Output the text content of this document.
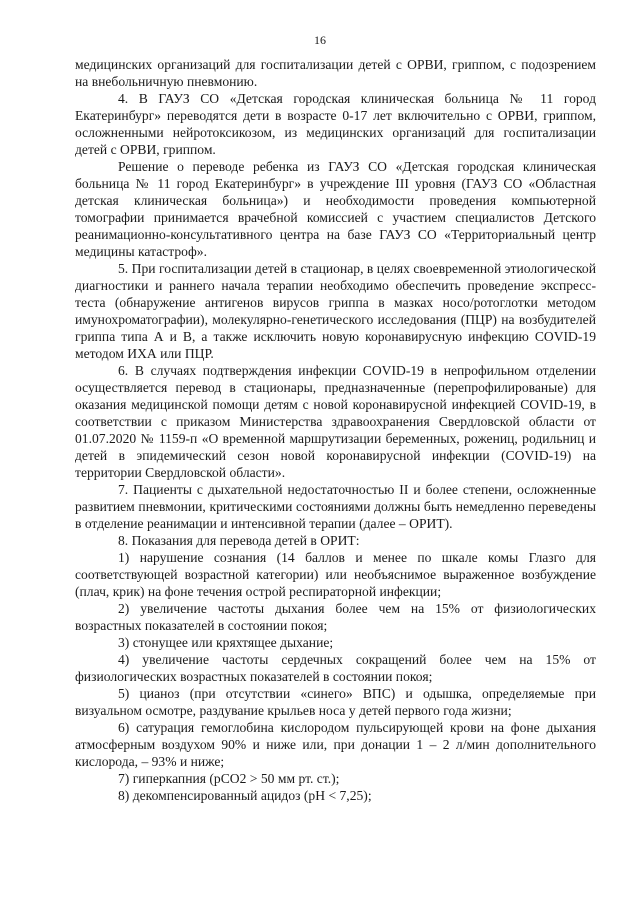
16

медицинских организаций для госпитализации детей с ОРВИ, гриппом, с подозрением на внебольничную пневмонию.

4. В ГАУЗ СО «Детская городская клиническая больница № 11 город Екатеринбург» переводятся дети в возрасте 0-17 лет включительно с ОРВИ, гриппом, осложненными нейротоксикозом, из медицинских организаций для госпитализации детей с ОРВИ, гриппом.

Решение о переводе ребенка из ГАУЗ СО «Детская городская клиническая больница № 11 город Екатеринбург» в учреждение III уровня (ГАУЗ СО «Областная детская клиническая больница») и необходимости проведения компьютерной томографии принимается врачебной комиссией с участием специалистов Детского реанимационно-консультативного центра на базе ГАУЗ СО «Территориальный центр медицины катастроф».

5. При госпитализации детей в стационар, в целях своевременной этиологической диагностики и раннего начала терапии необходимо обеспечить проведение экспресс-теста (обнаружение антигенов вирусов гриппа в мазках носо/ротоглотки методом имунохроматографии), молекулярно-генетического исследования (ПЦР) на возбудителей гриппа типа А и В, а также исключить новую коронавирусную инфекцию COVID-19 методом ИХА или ПЦР.

6. В случаях подтверждения инфекции COVID-19 в непрофильном отделении осуществляется перевод в стационары, предназначенные (перепрофилированые) для оказания медицинской помощи детям с новой коронавирусной инфекцией COVID-19, в соответствии с приказом Министерства здравоохранения Свердловской области от 01.07.2020 № 1159-п «О временной маршрутизации беременных, рожениц, родильниц и детей в эпидемический сезон новой коронавирусной инфекции (COVID-19) на территории Свердловской области».

7. Пациенты с дыхательной недостаточностью II и более степени, осложненные развитием пневмонии, критическими состояниями должны быть немедленно переведены в отделение реанимации и интенсивной терапии (далее – ОРИТ).

8. Показания для перевода детей в ОРИТ:

1) нарушение сознания (14 баллов и менее по шкале комы Глазго для соответствующей возрастной категории) или необъяснимое выраженное возбуждение (плач, крик) на фоне течения острой респираторной инфекции;

2) увеличение частоты дыхания более чем на 15% от физиологических возрастных показателей в состоянии покоя;

3) стонущее или кряхтящее дыхание;

4) увеличение частоты сердечных сокращений более чем на 15% от физиологических возрастных показателей в состоянии покоя;

5) цианоз (при отсутствии «синего» ВПС) и одышка, определяемые при визуальном осмотре, раздувание крыльев носа у детей первого года жизни;

6) сатурация гемоглобина кислородом пульсирующей крови на фоне дыхания атмосферным воздухом 90% и ниже или, при донации 1 – 2 л/мин дополнительного кислорода, – 93% и ниже;

7) гиперкапния (рСО2 > 50 мм рт. ст.);

8) декомпенсированный ацидоз (рН < 7,25);
